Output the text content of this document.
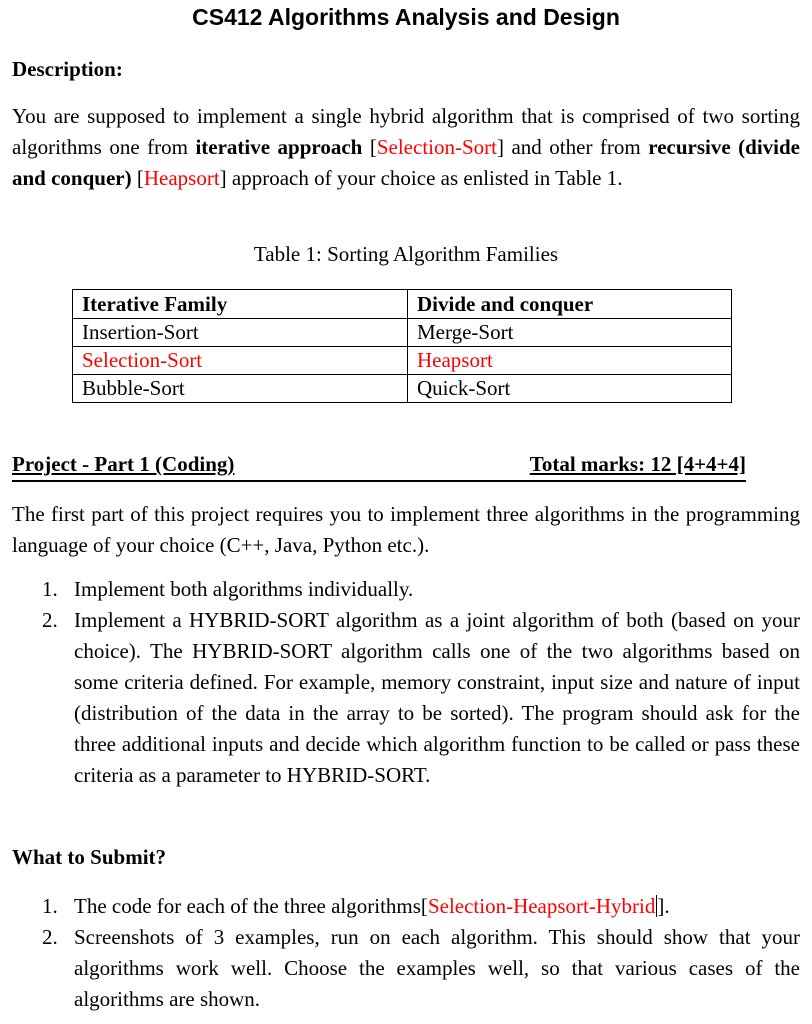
CS412 Algorithms Analysis and Design
Description:
You are supposed to implement a single hybrid algorithm that is comprised of two sorting algorithms one from iterative approach [Selection-Sort] and other from recursive (divide and conquer) [Heapsort] approach of your choice as enlisted in Table 1.
Table 1: Sorting Algorithm Families
Iterative Family	Divide and conquer
Insertion-Sort	Merge-Sort
Selection-Sort	Heapsort
Bubble-Sort	Quick-Sort
Project - Part 1 (Coding)	Total marks: 12 [4+4+4]
The first part of this project requires you to implement three algorithms in the programming language of your choice (C++, Java, Python etc.).
1. Implement both algorithms individually.
2. Implement a HYBRID-SORT algorithm as a joint algorithm of both (based on your choice). The HYBRID-SORT algorithm calls one of the two algorithms based on some criteria defined. For example, memory constraint, input size and nature of input (distribution of the data in the array to be sorted). The program should ask for the three additional inputs and decide which algorithm function to be called or pass these criteria as a parameter to HYBRID-SORT.
What to Submit?
1. The code for each of the three algorithms[Selection-Heapsort-Hybrid].
2. Screenshots of 3 examples, run on each algorithm. This should show that your algorithms work well. Choose the examples well, so that various cases of the algorithms are shown.
